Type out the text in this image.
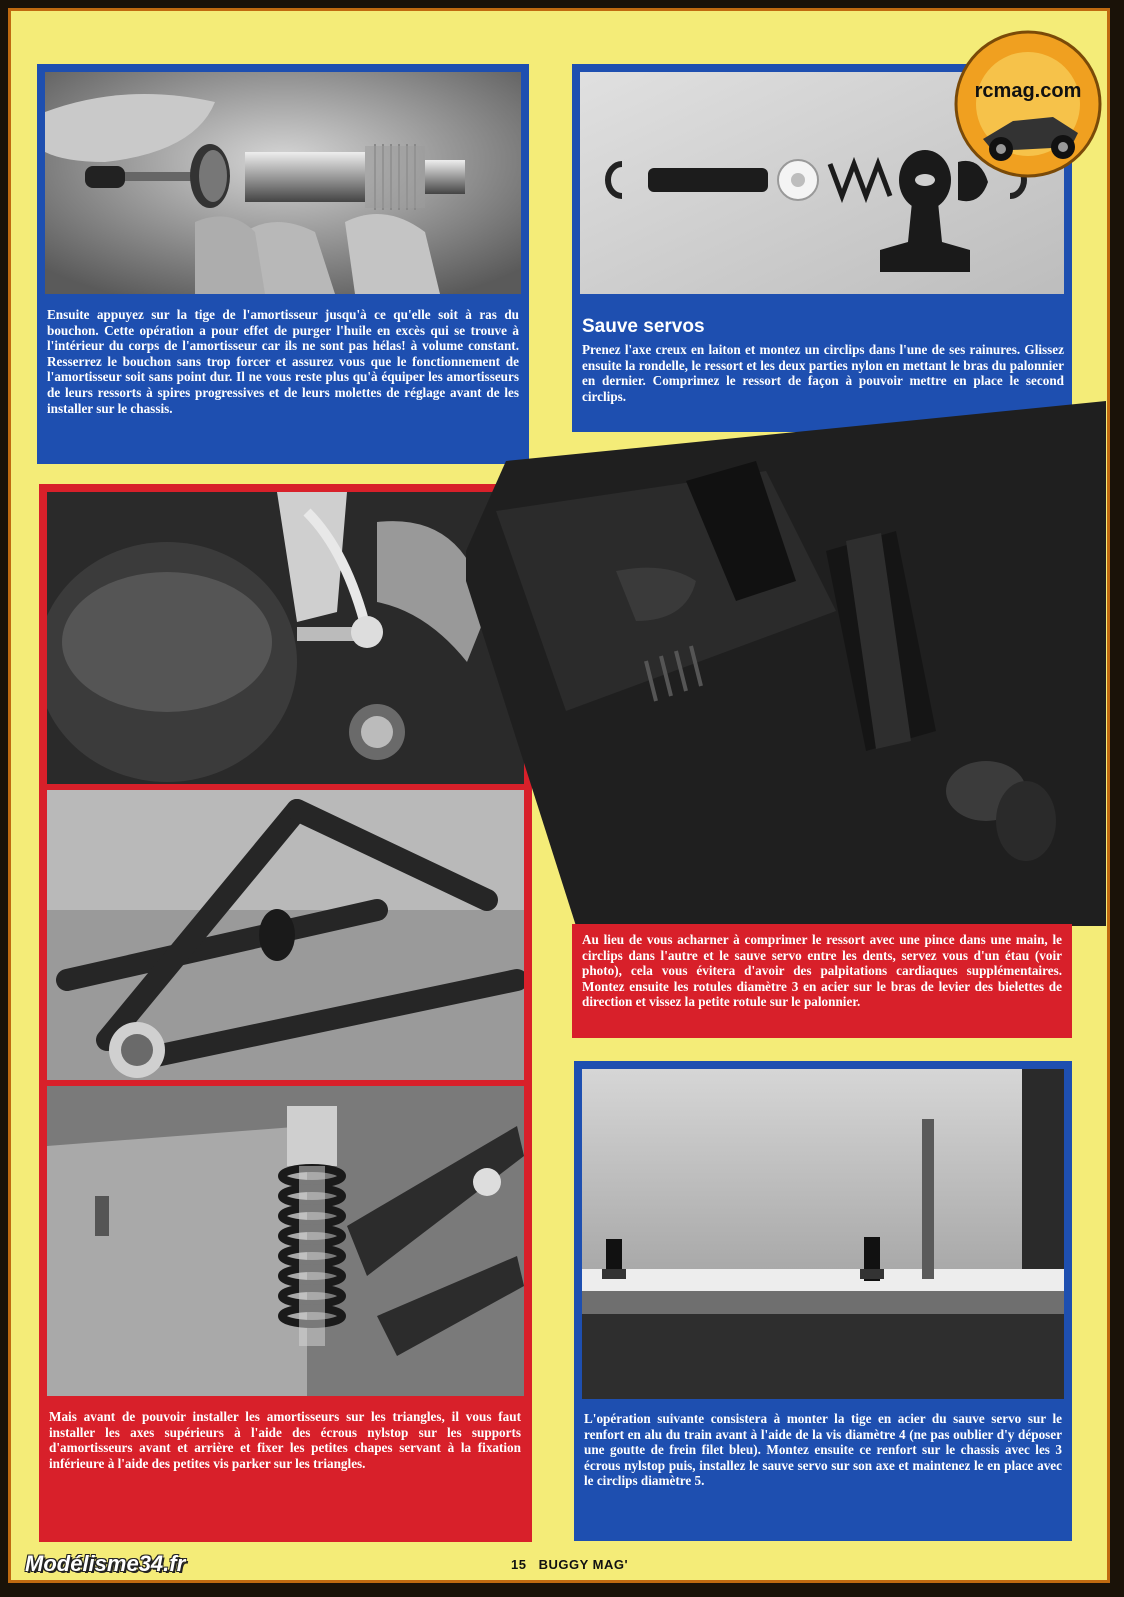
Ensuite appuyez sur la tige de l'amortisseur jusqu'à ce qu'elle soit à ras du bouchon. Cette opération a pour effet de purger l'huile en excès qui se trouve à l'intérieur du corps de l'amortisseur car ils ne sont pas hélas! à volume constant. Resserrez le bouchon sans trop forcer et assurez vous que le fonctionnement de l'amortisseur soit sans point dur. Il ne vous reste plus qu'à équiper les amortisseurs de leurs ressorts à spires progressives et de leurs molettes de réglage avant de les installer sur le chassis.
Sauve servos
Prenez l'axe creux en laiton et montez un circlips dans l'une de ses rainures. Glissez ensuite la rondelle, le ressort et les deux parties nylon en mettant le bras du palonnier en dernier. Comprimez le ressort de façon à pouvoir mettre en place le second circlips.
Mais avant de pouvoir installer les amortisseurs sur les triangles, il vous faut installer les axes supérieurs à l'aide des écrous nylstop sur les supports d'amortisseurs avant et arrière et fixer les petites chapes servant à la fixation inférieure à l'aide des petites vis parker sur les triangles.
Au lieu de vous acharner à comprimer le ressort avec une pince dans une main, le circlips dans l'autre et le sauve servo entre les dents, servez vous d'un étau (voir photo), cela vous évitera d'avoir des palpitations cardiaques supplémentaires. Montez ensuite les rotules diamètre 3 en acier sur le bras de levier des bielettes de direction et vissez la petite rotule sur le palonnier.
L'opération suivante consistera à monter la tige en acier du sauve servo sur le renfort en alu du train avant à l'aide de la vis diamètre 4 (ne pas oublier d'y déposer une goutte de frein filet bleu). Montez ensuite ce renfort sur le chassis avec les 3 écrous nylstop puis, installez le sauve servo sur son axe et maintenez le en place avec le circlips diamètre 5.
rcmag.com
Modélisme34.fr	15 BUGGY MAG'
